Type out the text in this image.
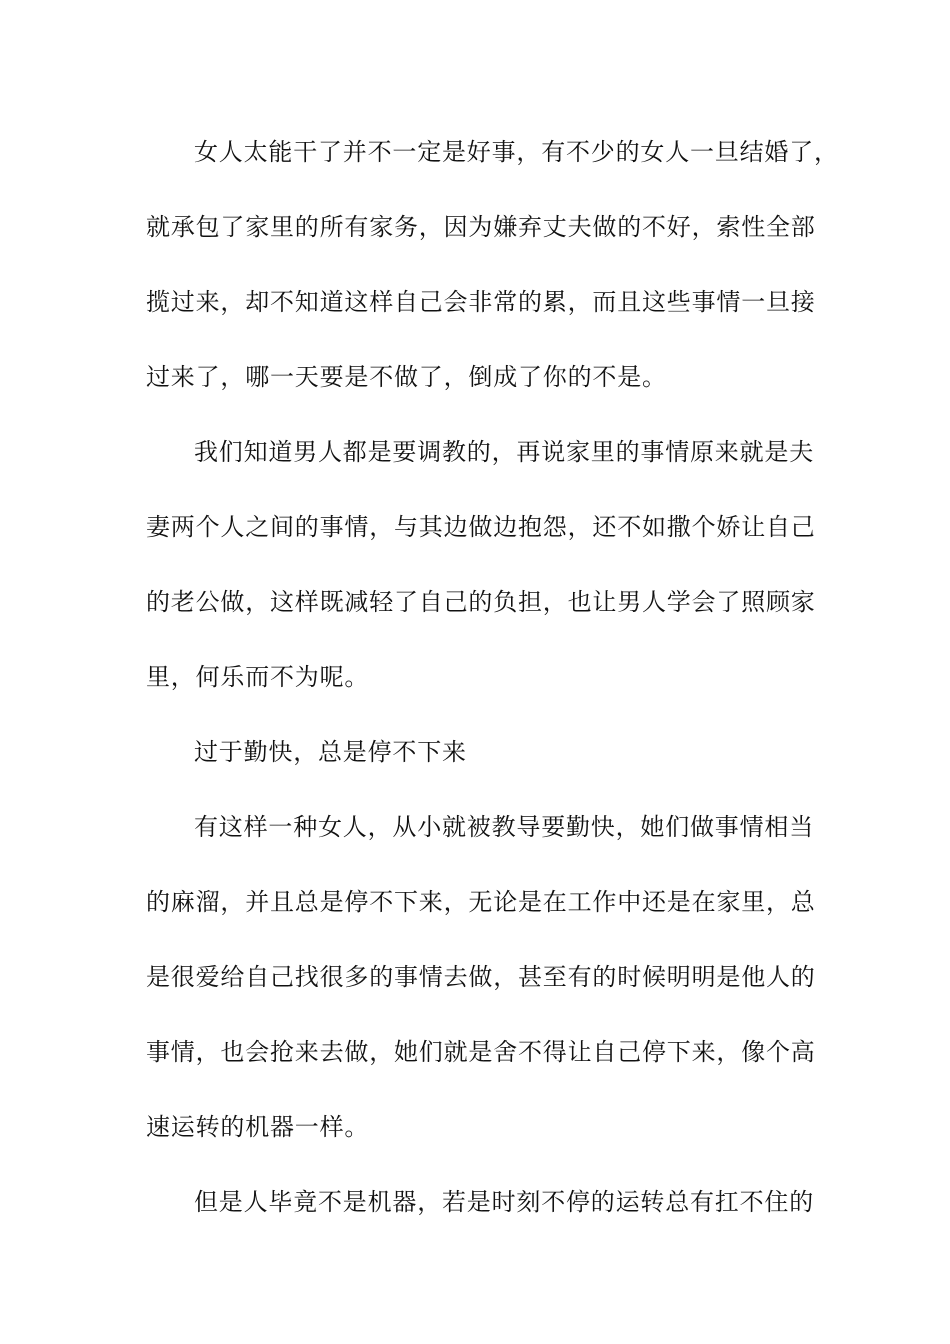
女人太能干了并不一定是好事，有不少的女人一旦结婚了，
就承包了家里的所有家务，因为嫌弃丈夫做的不好，索性全部
揽过来，却不知道这样自己会非常的累，而且这些事情一旦接
过来了，哪一天要是不做了，倒成了你的不是。
我们知道男人都是要调教的，再说家里的事情原来就是夫
妻两个人之间的事情，与其边做边抱怨，还不如撒个娇让自己
的老公做，这样既减轻了自己的负担，也让男人学会了照顾家
里，何乐而不为呢。
过于勤快，总是停不下来
有这样一种女人，从小就被教导要勤快，她们做事情相当
的麻溜，并且总是停不下来，无论是在工作中还是在家里，总
是很爱给自己找很多的事情去做，甚至有的时候明明是他人的
事情，也会抢来去做，她们就是舍不得让自己停下来，像个高
速运转的机器一样。
但是人毕竟不是机器，若是时刻不停的运转总有扛不住的
